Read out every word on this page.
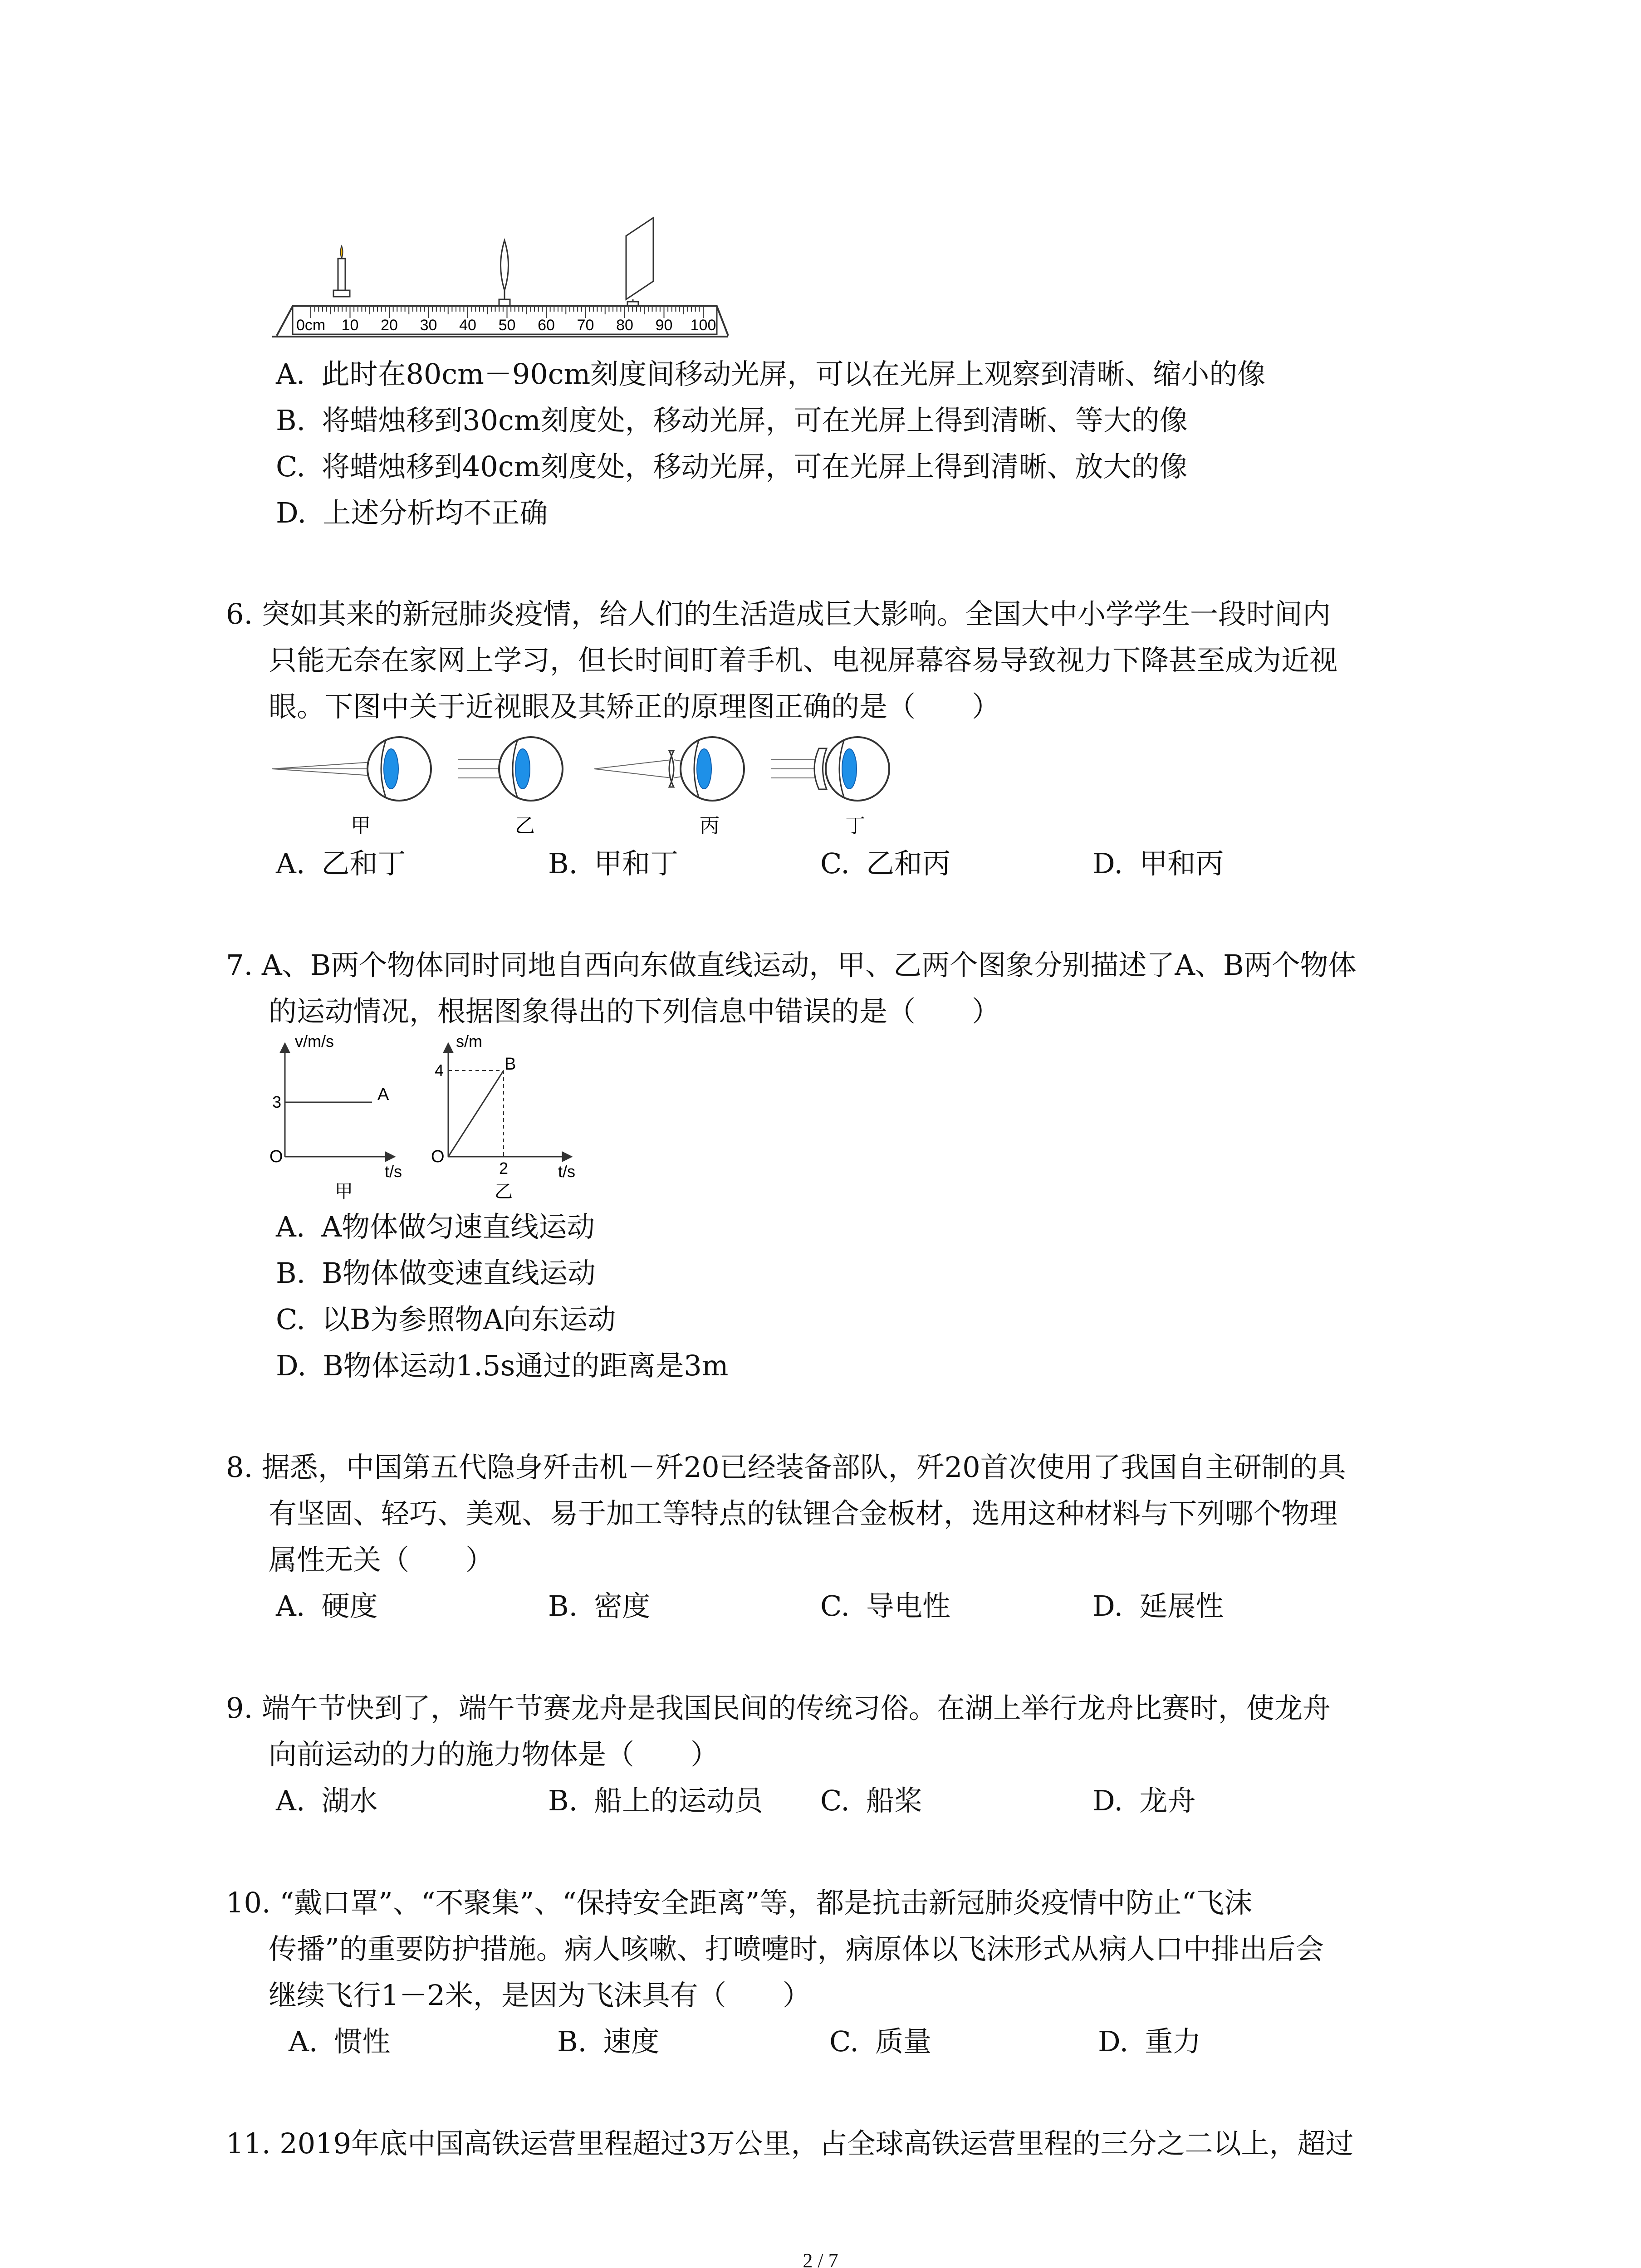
0cm 10 20 30 40 50 60 70 80 90 100
A. 此时在80cm－90cm刻度间移动光屏，可以在光屏上观察到清晰、缩小的像
B. 将蜡烛移到30cm刻度处，移动光屏，可在光屏上得到清晰、等大的像
C. 将蜡烛移到40cm刻度处，移动光屏，可在光屏上得到清晰、放大的像
D. 上述分析均不正确
6. 突如其来的新冠肺炎疫情，给人们的生活造成巨大影响。全国大中小学学生一段时间内
只能无奈在家网上学习，但长时间盯着手机、电视屏幕容易导致视力下降甚至成为近视
眼。下图中关于近视眼及其矫正的原理图正确的是（　　）
甲	乙	丙	丁
A. 乙和丁	B. 甲和丁	C. 乙和丙	D. 甲和丙
7. A、B两个物体同时同地自西向东做直线运动，甲、乙两个图象分别描述了A、B两个物体
的运动情况，根据图象得出的下列信息中错误的是（　　）
v/m/s
3	A
O
t/s
甲
s/m
4	B
O
2	t/s
乙
A. A物体做匀速直线运动
B. B物体做变速直线运动
C. 以B为参照物A向东运动
D. B物体运动1.5s通过的距离是3m
8. 据悉，中国第五代隐身歼击机－歼20已经装备部队，歼20首次使用了我国自主研制的具
有坚固、轻巧、美观、易于加工等特点的钛锂合金板材，选用这种材料与下列哪个物理
属性无关（　　）
A. 硬度	B. 密度	C. 导电性	D. 延展性
9. 端午节快到了，端午节赛龙舟是我国民间的传统习俗。在湖上举行龙舟比赛时，使龙舟
向前运动的力的施力物体是（　　）
A. 湖水	B. 船上的运动员 C. 船桨	D. 龙舟
10. “戴口罩”、“不聚集”、“保持安全距离”等，都是抗击新冠肺炎疫情中防止“飞沫
传播”的重要防护措施。病人咳嗽、打喷嚏时，病原体以飞沫形式从病人口中排出后会
继续飞行1－2米，是因为飞沫具有（　　）
A. 惯性	B. 速度	C. 质量	D. 重力
11. 2019年底中国高铁运营里程超过3万公里，占全球高铁运营里程的三分之二以上，超过
2 / 7
